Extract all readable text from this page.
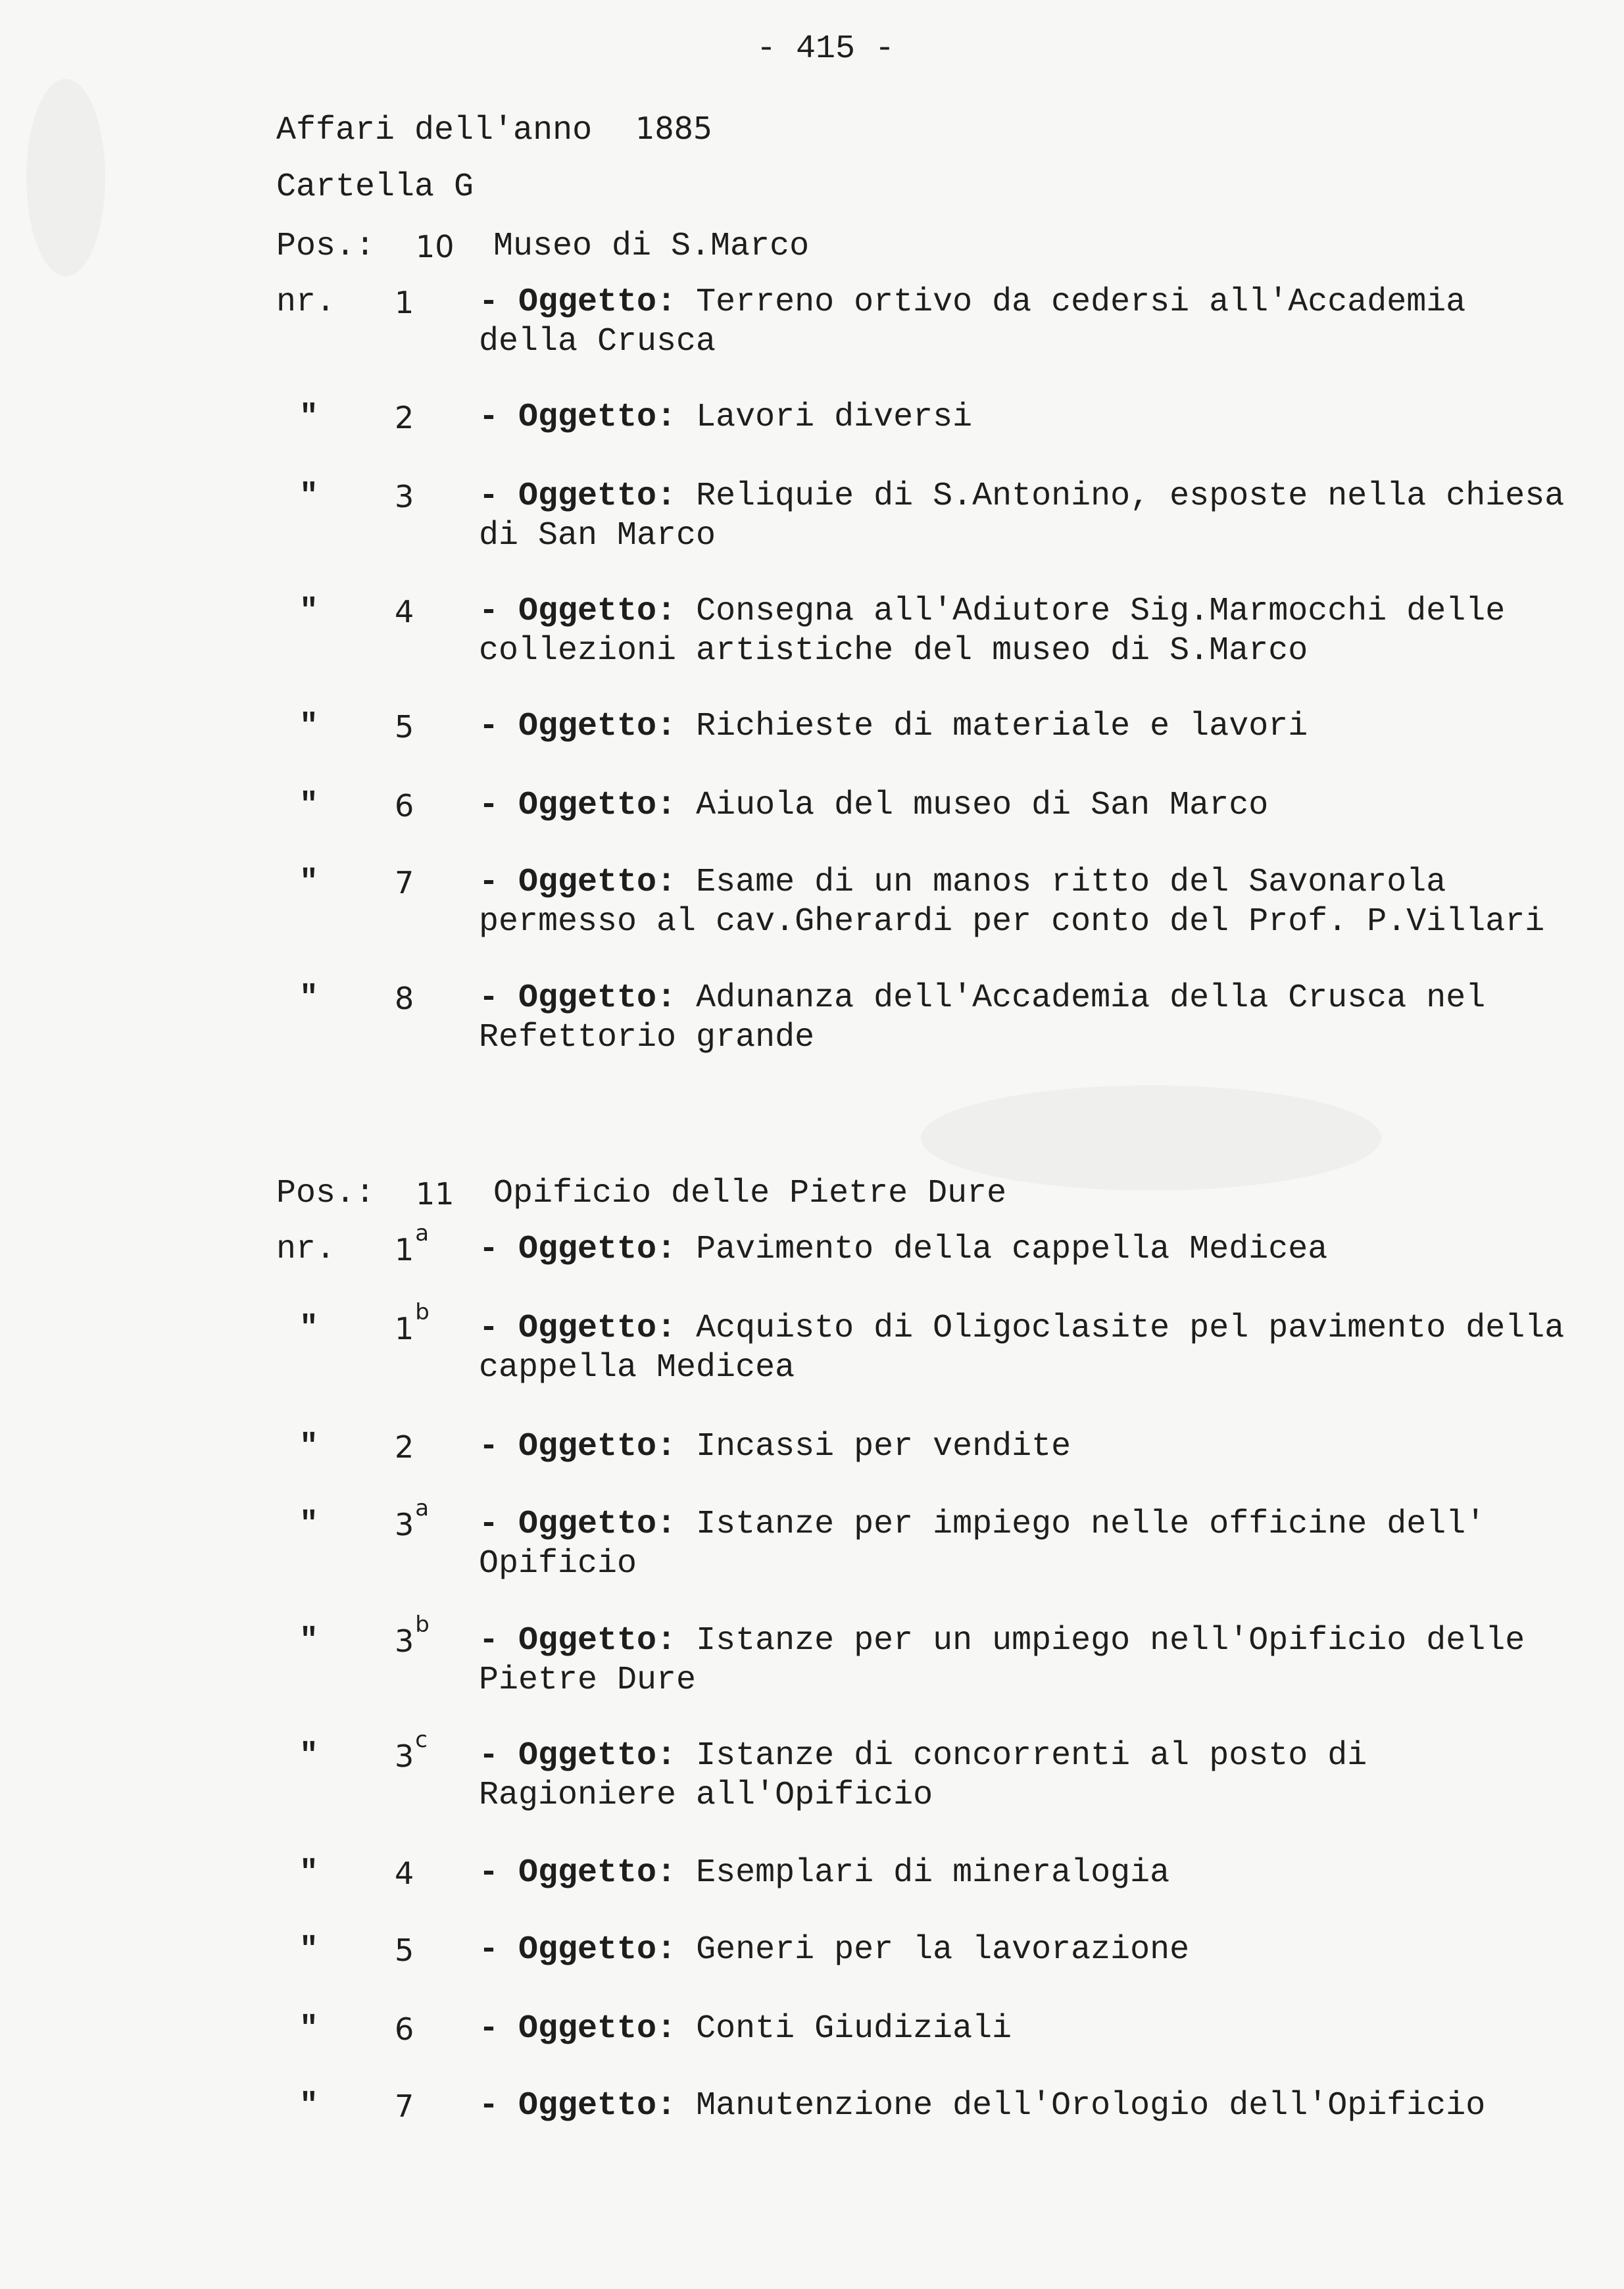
- 415 -
Affari dell'anno 1885
Cartella G
Pos.: 10 Museo di S.Marco
nr. 1 - Oggetto: Terreno ortivo da cedersi all'Accademia della Crusca
"	2 - Oggetto: Lavori diversi
"	3 - Oggetto: Reliquie di S.Antonino, esposte nella chiesa di San Marco
"	4 - Oggetto: Consegna all'Adiutore Sig.Marmocchi delle collezioni artistiche del museo di S.Marco
"	5 - Oggetto: Richieste di materiale e lavori
"	6 - Oggetto: Aiuola del museo di San Marco
"	7 - Oggetto: Esame di un manos ritto del Savonarola permesso al cav.Gherardi per conto del Prof. P.Villari
"	8 - Oggetto: Adunanza dell'Accademia della Crusca nel Refettorio grande
Pos.: 11 Opificio delle Pietre Dure
nr. 1$^a$ - Oggetto: Pavimento della cappella Medicea
"	1$^b$ - Oggetto: Acquisto di Oligoclasite pel pavimento della cappella Medicea
"	2 - Oggetto: Incassi per vendite
"	3$^a$ - Oggetto: Istanze per impiego nelle officine dell' Opificio
"	3$^b$ - Oggetto: Istanze per un umpiego nell'Opificio delle Pietre Dure
"	3$^c$ - Oggetto: Istanze di concorrenti al posto di Ragioniere all'Opificio
"	4 - Oggetto: Esemplari di mineralogia
"	5 - Oggetto: Generi per la lavorazione
"	6 - Oggetto: Conti Giudiziali
"	7 - Oggetto: Manutenzione dell'Orologio dell'Opificio
